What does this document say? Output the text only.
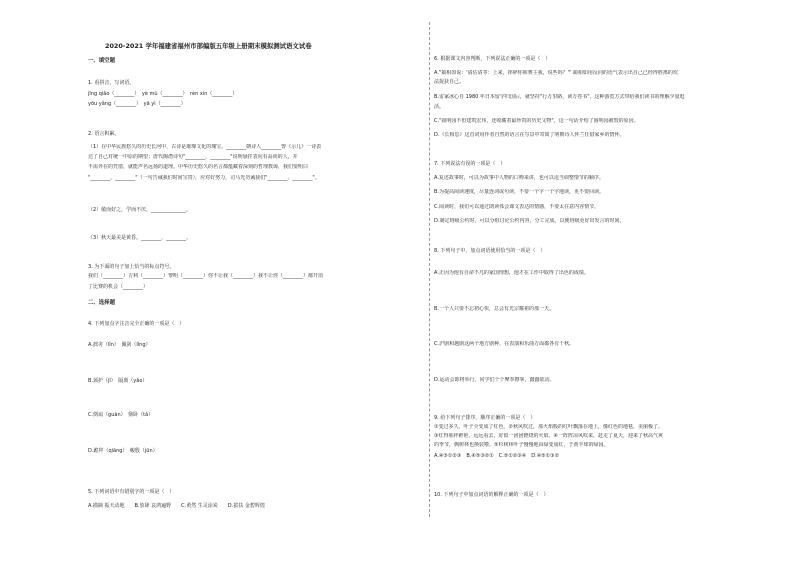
2020-2021 学年福建省福州市部编版五年级上册期末模拟测试语文试卷
一、填空题
1. 看拼音，写词语。
jīng qiǎo（________）　yè mù（________）　rèn xìn（________）
yōu yǎng（________）　yā yì（________）
2. 语言积累。
（1）在中华民族悠久的历史长河中，古诗是璀璨文化的瑰宝。________朝诗人________曾《示儿》一诗表
达了自己对统一中原的期望；唐代陶潜诗句"________，________"说明悬挂表向有高尚的人，并
不需外在的凭借，就能声名远扬的道理。中华历史悠久的名言都蕴藏着深刻的哲理教诲，我们要明白
"________，________"（一句告诫我们时间宝贵），应对好努力，司马光勿诫我们"________，________"。
（2）敏而好之，学而不厌，______________。
（3）秋天最美是黄昏。________，________。
3. 为下面的句子加上恰当的标点符号。
我们（________）吉利（________）黎明（________）你不让我（________）我不让你（________）都开消
了比赛的机会（________）
二、选择题
4. 下列加点字注音完全正确的一项是（　）
A.拙劣（lǐn）　佩剑（lǐng）
B.颈护（jǐ）　隔离（yǎo）
C.倒扇（guàn）　鼎卧（tǎ）
D.跪拜（qiāng）　峻殷（jūn）
5. 下列词语中有错别字的一项是（　）
A.描摘 振天动地　　B.放肆 哀鸿遍野　　C.黄然 生灵涂炭　　D.拔扶 金碧辉煌
6. 根据课文内容判断，下列说法正确的一项是（　）
A."蔺相如说：'请估请等：上来，摔碎你和赛主我，说些吗？'" 蔺相如用反问的语气表示出自己已经得胜离的坎
法捉获自己。
B.雷家冰心自 1980 年日本留学归国后，就坚持"行万里路，读万卷书"，这种游览方式带给我们读书的理解少量逛
活。
C."圆明园不但建筑宏伟，还收藏着最珍贵的历史文物"，这一句话介绍了圆明园被毁的原因。
D.《长相思》这首词用作者自然的语言在写景中寄寓了明朝诗人怀兰任借家乡的情怀。
7. 下列说法有误的一项是（　）
A.复述故事时，可以为故事中人物的口吻来讲，也可以适当调整情节的顺序。
B.为提高阅读速度，尽量连词或句读，不要一个字一个字地读，更不要回读。
C.阅读时，我们可以通过朗读体会课文表达的情感，不要太在意内容情节。
D.制定班级公约时，可以分组讨论公约内容，分工完成，以便班级更好出发言的时间。
8. 下列句子中，加点词语使用恰当的一项是（　）
A.正因为他有自命不凡的家国理想，他才在工作中取得了出色的成绩。
B.一个人只要不忘初心快，总会有光宗耀祖的那一天。
C.沪剧和越剧这两个地方剧种，在表演和乐曲方面都各有千秋。
D.运动会即将举行，同学们个个摩拳擦掌，蠢蠢欲动。
9. 给下列句子排序，顺序正确的一项是（　）
①变过多久，叶子全变成了红色。②秋风吹过，那火焰般的红叶飘落在地上，像红色的地毯，美丽极了。
③红得那样鲜艳，远远看去，好似一团团燃烧的火焰。④一阵阵凉风吹来，赶走了夏天，迎来了秋高气爽
的季节，枫树林也换装啦。⑤杉树林叶子慢慢地由绿变成红，于黄半球的绿园。
A.④⑤①②③　B.④⑤③②①　C.⑤①②③④　D.④⑤①③②
10. 下列句子中加点词语的解释正确的一项是（　）
